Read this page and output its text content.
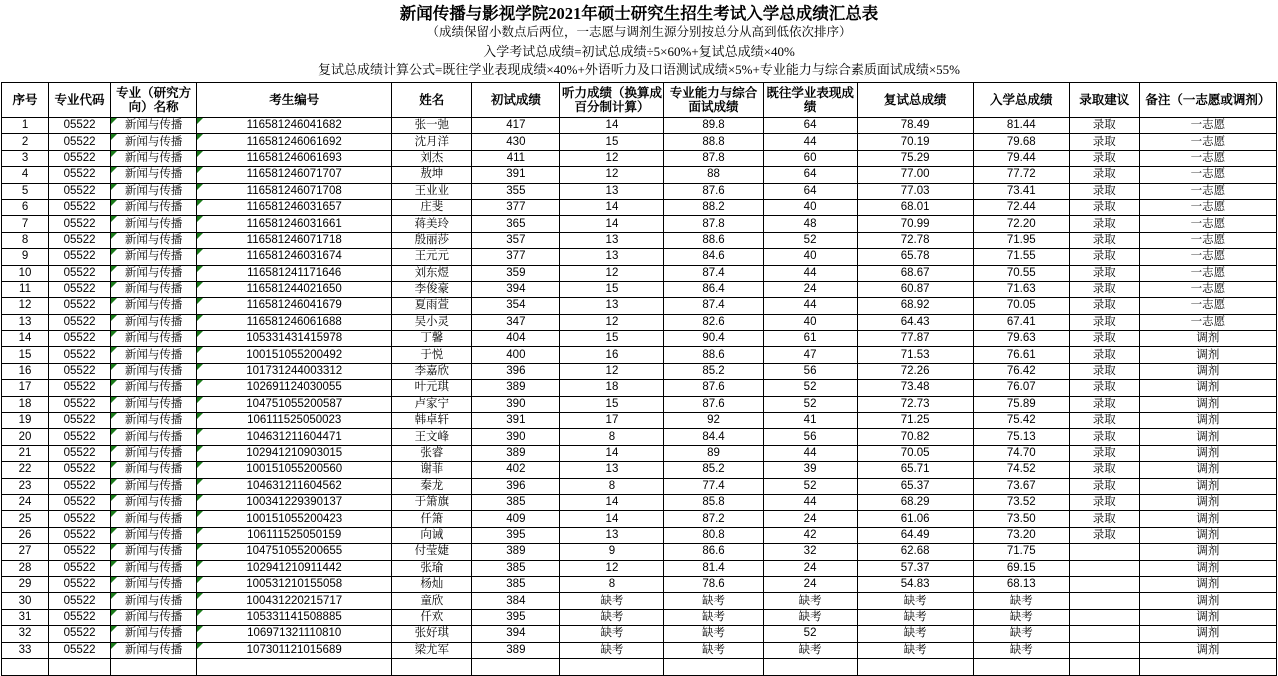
新闻传播与影视学院2021年硕士研究生招生考试入学总成绩汇总表
（成绩保留小数点后两位，一志愿与调剂生源分别按总分从高到低依次排序）
入学考试总成绩=初试总成绩÷5×60%+复试总成绩×40%
复试总成绩计算公式=既往学业表现成绩×40%+外语听力及口语测试成绩×5%+专业能力与综合素质面试成绩×55%
序号	专业代码	专业（研究方向）名称	考生编号	姓名	初试成绩	听力成绩（换算成百分制计算）	专业能力与综合面试成绩	既往学业表现成绩	复试总成绩	入学总成绩	录取建议	备注（一志愿或调剂）
1	05522	新闻与传播	116581246041682	张一弛	417	14	89.8	64	78.49	81.44	录取	一志愿
2	05522	新闻与传播	116581246061692	沈月洋	430	15	88.8	44	70.19	79.68	录取	一志愿
3	05522	新闻与传播	116581246061693	刘杰	411	12	87.8	60	75.29	79.44	录取	一志愿
4	05522	新闻与传播	116581246071707	敖坤	391	12	88	64	77.00	77.72	录取	一志愿
5	05522	新闻与传播	116581246071708	王业业	355	13	87.6	64	77.03	73.41	录取	一志愿
6	05522	新闻与传播	116581246031657	庄斐	377	14	88.2	40	68.01	72.44	录取	一志愿
7	05522	新闻与传播	116581246031661	蒋美玲	365	14	87.8	48	70.99	72.20	录取	一志愿
8	05522	新闻与传播	116581246071718	殷丽莎	357	13	88.6	52	72.78	71.95	录取	一志愿
9	05522	新闻与传播	116581246031674	王元元	377	13	84.6	40	65.78	71.55	录取	一志愿
10	05522	新闻与传播	116581241171646	刘东煜	359	12	87.4	44	68.67	70.55	录取	一志愿
11	05522	新闻与传播	116581244021650	李俊豪	394	15	86.4	24	60.87	71.63	录取	一志愿
12	05522	新闻与传播	116581246041679	夏雨萱	354	13	87.4	44	68.92	70.05	录取	一志愿
13	05522	新闻与传播	116581246061688	吴小灵	347	12	82.6	40	64.43	67.41	录取	一志愿
14	05522	新闻与传播	105331431415978	丁馨	404	15	90.4	61	77.87	79.63	录取	调剂
15	05522	新闻与传播	100151055200492	于悦	400	16	88.6	47	71.53	76.61	录取	调剂
16	05522	新闻与传播	101731244003312	李嘉欣	396	12	85.2	56	72.26	76.42	录取	调剂
17	05522	新闻与传播	102691124030055	叶元琪	389	18	87.6	52	73.48	76.07	录取	调剂
18	05522	新闻与传播	104751055200587	卢家宁	390	15	87.6	52	72.73	75.89	录取	调剂
19	05522	新闻与传播	106111525050023	韩卓轩	391	17	92	41	71.25	75.42	录取	调剂
20	05522	新闻与传播	104631211604471	王文峰	390	8	84.4	56	70.82	75.13	录取	调剂
21	05522	新闻与传播	102941210903015	张睿	389	14	89	44	70.05	74.70	录取	调剂
22	05522	新闻与传播	100151055200560	谢菲	402	13	85.2	39	65.71	74.52	录取	调剂
23	05522	新闻与传播	104631211604562	秦龙	396	8	77.4	52	65.37	73.67	录取	调剂
24	05522	新闻与传播	100341229390137	于箫旗	385	14	85.8	44	68.29	73.52	录取	调剂
25	05522	新闻与传播	100151055200423	仟箫	409	14	87.2	24	61.06	73.50	录取	调剂
26	05522	新闻与传播	106111525050159	向诫	395	13	80.8	42	64.49	73.20	录取	调剂
27	05522	新闻与传播	104751055200655	付莹婕	389	9	86.6	32	62.68	71.75		调剂
28	05522	新闻与传播	102941210911442	张瑜	385	12	81.4	24	57.37	69.15		调剂
29	05522	新闻与传播	100531210155058	杨灿	385	8	78.6	24	54.83	68.13		调剂
30	05522	新闻与传播	100431220215717	童欣	384	缺考	缺考	缺考	缺考	缺考		调剂
31	05522	新闻与传播	105331141508885	仟欢	395	缺考	缺考	缺考	缺考	缺考		调剂
32	05522	新闻与传播	106971321110810	张好琪	394	缺考	缺考	52	缺考	缺考		调剂
33	05522	新闻与传播	107301121015689	梁尤军	389	缺考	缺考	缺考	缺考	缺考		调剂
